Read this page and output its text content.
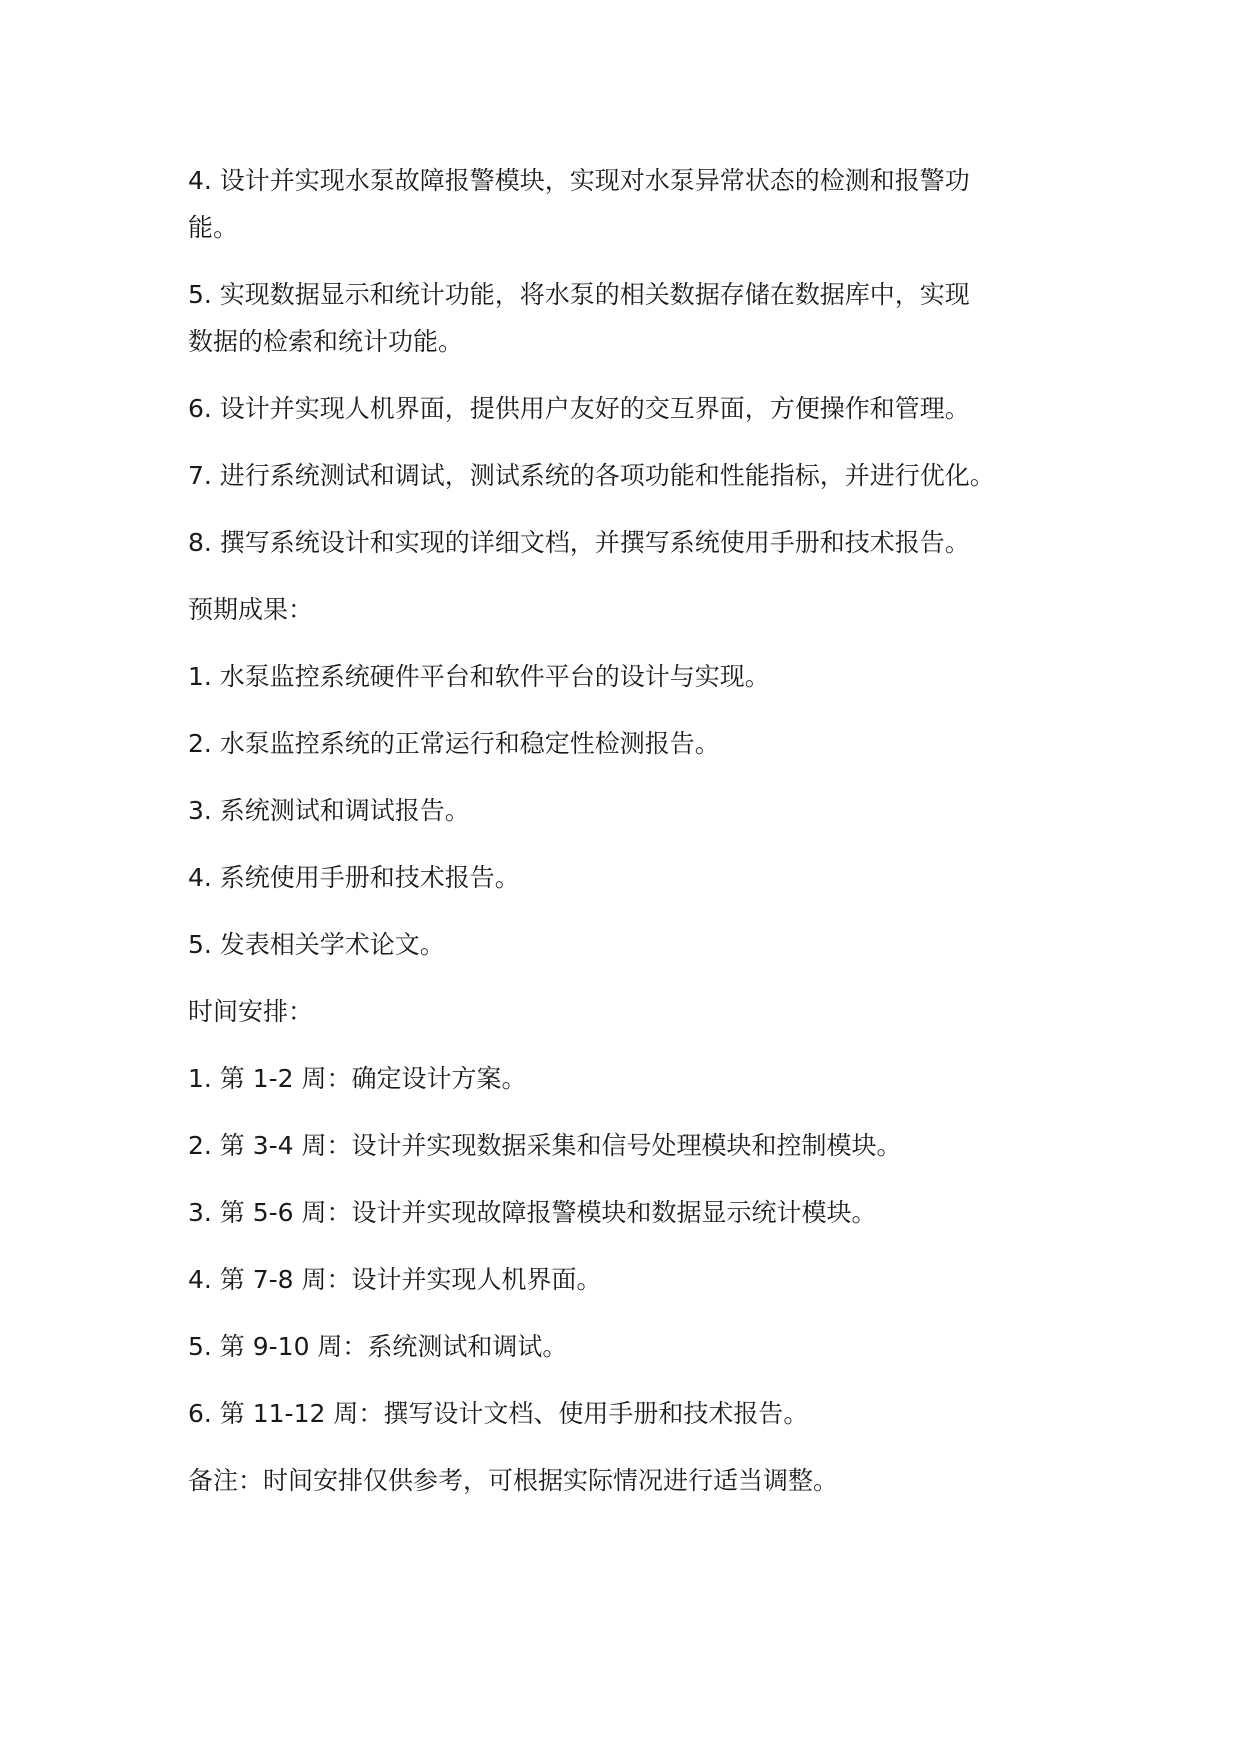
4. 设计并实现水泵故障报警模块，实现对水泵异常状态的检测和报警功
能。

5. 实现数据显示和统计功能，将水泵的相关数据存储在数据库中，实现
数据的检索和统计功能。

6. 设计并实现人机界面，提供用户友好的交互界面，方便操作和管理。

7. 进行系统测试和调试，测试系统的各项功能和性能指标，并进行优化。

8. 撰写系统设计和实现的详细文档，并撰写系统使用手册和技术报告。

预期成果：

1. 水泵监控系统硬件平台和软件平台的设计与实现。

2. 水泵监控系统的正常运行和稳定性检测报告。

3. 系统测试和调试报告。

4. 系统使用手册和技术报告。

5. 发表相关学术论文。

时间安排：

1. 第 1-2 周：确定设计方案。

2. 第 3-4 周：设计并实现数据采集和信号处理模块和控制模块。

3. 第 5-6 周：设计并实现故障报警模块和数据显示统计模块。

4. 第 7-8 周：设计并实现人机界面。

5. 第 9-10 周：系统测试和调试。

6. 第 11-12 周：撰写设计文档、使用手册和技术报告。

备注：时间安排仅供参考，可根据实际情况进行适当调整。
